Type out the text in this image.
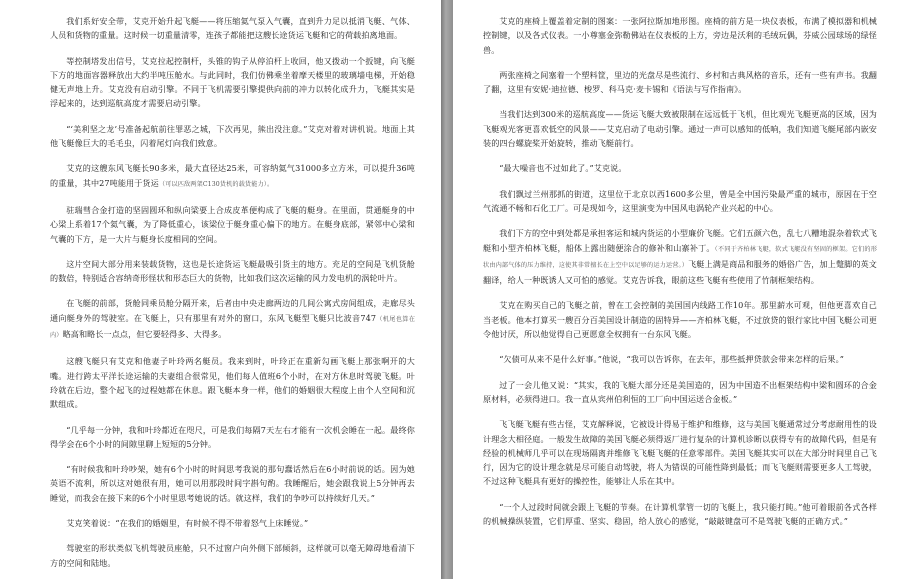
我们系好安全带，艾克开始升起飞艇——将压缩氦气泵入气囊，直到升力足以抵消飞艇、气体、人员和货物的重量。这时候一切重量清零，连孩子都能把这艘长途货运飞艇和它的荷载拍离地面。

等控制塔发出信号，艾克拉起控制杆，头锥的钩子从停泊杆上收回，他又拨动一个扳键，向飞艇下方的地面容器释放出大约半吨压舱水。与此同时，我们仿佛乘坐着摩天楼里的玻璃墙电梯，开始稳健无声地上升。艾克没有启动引擎。不同于飞机需要引擎提供向前的冲力以转化成升力，飞艇其实是浮起来的，达到巡航高度才需要启动引擎。

“‘美利坚之龙’号准备起航前往罪恶之城，下次再见，熊出没注意。”艾克对着对讲机说。地面上其他飞艇像巨大的毛毛虫，闪着尾灯向我们致意。

艾克的这艘东风飞艇长90多米，最大直径达25米，可容纳氦气31000多立方米，可以提升36吨的重量，其中27吨能用于货运（可以匹敌两架C130货机的载货能力）。

驻瑞彗合金打造的坚固圆环和纵向梁要上合成皮革便构成了飞艇的艇身。在里面，贯通艇身的中心梁上系着17个氦气囊，为了降低重心，该梁位于艇身重心偏下的地方。在艇身底部，紧邻中心梁和气囊的下方，是一大片与艇身长度相同的空间。

这片空间大部分用来装载货物，这也是长途货运飞艇最吸引货主的地方。充足的空间是飞机货舱的数倍，特别适合容纳奇形怪状和形态巨大的货物，比如我们这次运输的风力发电机的涡轮叶片。

在飞艇的前部，货舱同乘员舱分隔开来，后者由中央走廊两边的几间公寓式房间组成，走廊尽头通向艇身外的驾驶室。在飞艇上，只有那里有对外的窗口，东风飞艇型飞艇只比波音747（机尾也算在内）略高和略长一点点，但它要轻得多、大得多。

这艘飞艇只有艾克和他妻子叶玲两名艇员。我来到时，叶玲正在重新勾画飞艇上那张啊开的大嘴。进行跨太平洋长途运输的夫妻组合很常见，他们每人值班6个小时，在对方休息时驾驶飞艇。叶玲就在后边，整个起飞的过程她都在休息。跟飞艇本身一样，他们的婚姻很大程度上由个人空间和沉默组成。

“几乎每一分钟，我和叶玲都近在咫尺，可是我们每隔7天左右才能有一次机会睡在一起。最终你得学会在6个小时的间隙里聊上短短的5分钟。

“有时候我和叶玲吵架，她有6个小时的时间思考我说的那句蠢话然后在6小时前说的话。因为她英语不流利，所以这对她很有用，她可以用那段时间字斟句酌。我睡醒后，她会跟我说上5分钟再去睡觉，而我会在接下来的6个小时里思考她说的话。就这样，我们的争吵可以持续好几天。”

艾克笑着说：“在我们的婚姻里，有时候不得不带着怒气上床睡觉。”

驾驶室的形状类似飞机驾驶员座舱，只不过窗户向外侧下部倾斜，这样就可以毫无障碍地看清下方的空间和陆地。

艾克的座椅上覆盖着定制的图案：一张阿拉斯加地形图。座椅的前方是一块仪表板，布满了模拟器和机械控制键，以及各式仪表。一小尊塞金弥勒佛站在仪表板的上方，旁边是沃利的毛绒玩偶，芬威公园球场的绿怪兽。

两张座椅之间塞着一个塑料筐，里边的光盘尽是些流行、乡村和古典风格的音乐，还有一些有声书。我翻了翻，这里有安妮·迪拉德、梭罗、科马克·麦卡锡和《语法与写作指南》。

当我们达到300米的巡航高度——货运飞艇大致被限制在远远低于飞机，但比观光飞艇更高的区域，因为飞艇观光客更喜欢低空的风景——艾克启动了电动引擎。通过一声可以感知的低响，我们知道飞艇尾部内嵌安装的四台螺旋桨开始旋转，推动飞艇前行。

“最大噪音也不过如此了。”艾克说。

我们飘过兰州那抓的街道，这里位于北京以西1600多公里，曾是全中国污染最严重的城市，原因在于空气流通不畅和石化工厂。可是现如今，这里演变为中国风电涡轮产业兴起的中心。

我们下方的空中到处都是承担客运和城内货运的小型廉价飞艇。它们五颜六色，乱七八糟地混杂着软式飞艇和小型齐柏林飞艇，船体上露出随便涂合的修补和山寨补丁。（不同于齐柏林飞艇，软式飞艇没有坚固的框架。它们的形状由内部气体的压力维持，这使其非常擅长在上空中以足够的运力运营。）飞艇上满是商品和服务的婚俗广告，加上蹩脚的英文翻译，给人一种既诱人又可怕的感觉。艾克告诉我，眼前这些飞艇有些使用了竹制框架结构。

艾克在购买自己的飞艇之前，曾在工会控制的美国国内线路工作10年。那里薪水可观，但他更喜欢自己当老板。他本打算买一艘百分百美国设计制造的固特异——齐柏林飞艇，不过放贷的银行家比中国飞艇公司更令他讨厌，所以他觉得自己更愿意全权拥有一台东风飞艇。

“欠债可从来不是什么好事。”他说，“我可以告诉你，在去年，那些抵押贷款会带来怎样的后果。”

过了一会儿他又说：“其实，我的飞艇大部分还是美国造的，因为中国造不出框架结构中梁和圆环的合金原材料，必须得进口。我一直从宾州伯利恒的工厂向中国运送合金板。”

飞飞艇飞艇有些古怪，艾克解释说，它被设计得易于维护和维修，这与美国飞艇通常过分考虑耐用性的设计理念大相径庭。一般发生故障的美国飞艇必须得返厂进行复杂的计算机诊断以获得专有的故障代码，但是有经验的机械师几乎可以在现场隔离并维修飞飞艇飞艇的任意零部件。美国飞艇其实可以在大部分时间里自己飞行，因为它的设计理念就是尽可能自动驾驶，将人为错误的可能性降到最低；而飞飞艇则需要更多人工驾驶，不过这种飞艇具有更好的操控性，能够让人乐在其中。

“一个人过段时间就会跟上飞艇的节奏。在计算机掌管一切的飞艇上，我只能打盹。”他可着眼前各式各样的机械操纵装置，它们厚重、坚实、稳固，给人放心的感觉，“敲敲键盘可不是驾驶飞艇的正确方式。”
